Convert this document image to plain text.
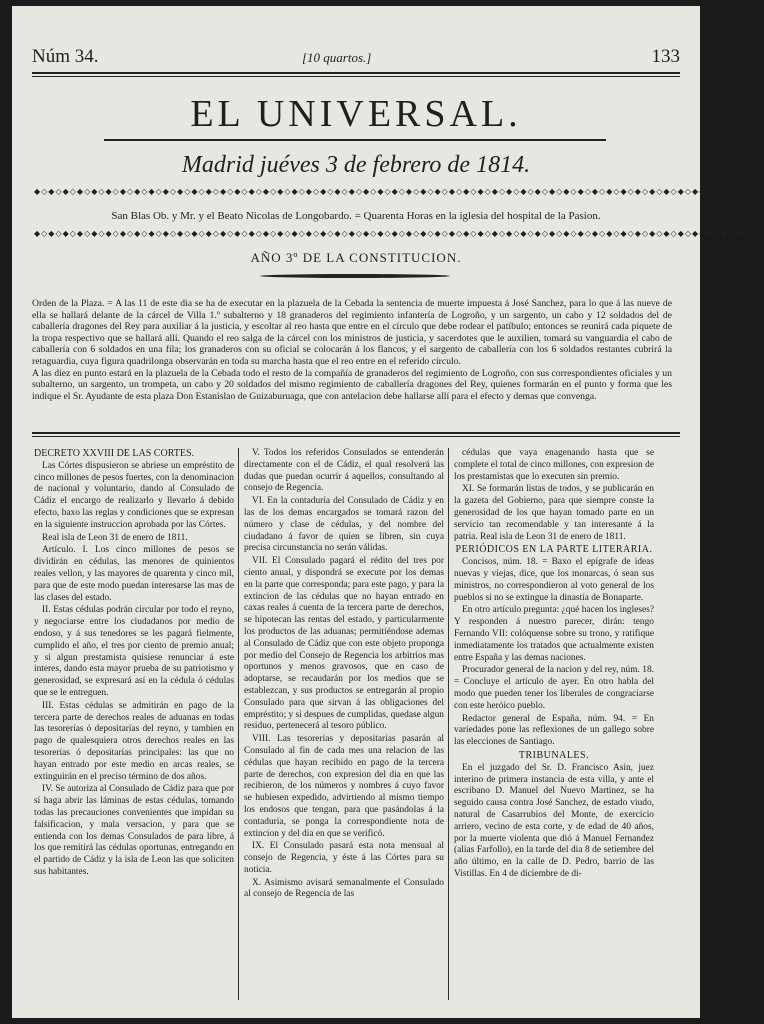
Núm 34.	[10 quartos.]	133
EL UNIVERSAL.
Madrid juéves 3 de febrero de 1814.
◆◇◆◇◆◇◆◇◆◇◆◇◆◇◆◇◆◇◆◇◆◇◆◇◆◇◆◇◆◇◆◇◆◇◆◇◆◇◆◇◆◇◆◇◆◇◆◇◆◇◆◇◆◇◆◇◆◇◆◇◆◇◆◇◆◇◆◇◆◇◆◇◆◇◆◇◆◇◆◇◆◇◆◇◆◇◆◇◆◇◆◇◆◇◆◇◆◇◆◇
San Blas Ob. y Mr. y el Beato Nicolas de Longobardo. = Quarenta Horas en la iglesia del hospital de la Pasion.
◆◇◆◇◆◇◆◇◆◇◆◇◆◇◆◇◆◇◆◇◆◇◆◇◆◇◆◇◆◇◆◇◆◇◆◇◆◇◆◇◆◇◆◇◆◇◆◇◆◇◆◇◆◇◆◇◆◇◆◇◆◇◆◇◆◇◆◇◆◇◆◇◆◇◆◇◆◇◆◇◆◇◆◇◆◇◆◇◆◇◆◇◆◇◆◇◆◇◆◇◆◇
AÑO 3º DE LA CONSTITUCION.

Orden de la Plaza. = A las 11 de este dia se ha de executar en la plazuela de la Cebada la sentencia de muerte impuesta á José Sanchez, para lo que á las nueve de ella se hallará delante de la cárcel de Villa 1.º subalterno y 18 granaderos del regimiento infantería de Logroño, y un sargento, un cabo y 12 soldados del de caballería dragones del Rey para auxiliar á la justicia, y escoltar al reo hasta que entre en el círculo que debe rodear el patíbulo; entonces se reunirá cada piquete de la tropa respectivo que se hallará allí. Quando el reo salga de la cárcel con los ministros de justicia, y sacerdotes que le auxilien, tomará su vanguardia el cabo de caballería con 6 soldados en una fila; los granaderos con su oficial se colocarán á los flancos, y el sargento de caballería con los 6 soldados restantes cubrirá la retaguardia, cuya figura quadrilonga observarán en toda su marcha hasta que el reo entre en el referido círculo.

A las diez en punto estará en la plazuela de la Cebada todo el resto de la compañía de granaderos del regimiento de Logroño, con sus correspondientes oficiales y un subalterno, un sargento, un trompeta, un cabo y 20 soldados del mismo regimiento de caballería dragones del Rey, quienes formarán en el punto y forma que les indique el Sr. Ayudante de esta plaza Don Estanislao de Guizaburuaga, que con antelacion debe hallarse allí para el efecto y demas que convenga.

DECRETO XXVIII DE LAS CORTES.

Las Córtes dispusieron se abriese un empréstito de cinco millones de pesos fuertes, con la denominacion de nacional y voluntario, dando al Consulado de Cádiz el encargo de realizarlo y llevarlo á debido efecto, baxo las reglas y condiciones que se expresan en la siguiente instruccion aprobada por las Córtes.

Real isla de Leon 31 de enero de 1811.

Artículo. I. Los cinco millones de pesos se dividirán en cédulas, las menores de quinientos reales vellon, y las mayores de quarenta y cinco mil, para que de este modo puedan interesarse las mas de las clases del estado.

II. Estas cédulas podrán circular por todo el reyno, y negociarse entre los ciudadanos por medio de endoso, y á sus tenedores se les pagará fielmente, cumplido el año, el tres por ciento de premio anual; y si algun prestamista quisiese renunciar á este interes, dando esta mayor prueba de su patriotismo y generosidad, se expresará así en la cédula ó cédulas que se le entreguen.

III. Estas cédulas se admitirán en pago de la tercera parte de derechos reales de aduanas en todas las tesorerías ó depositarías del reyno, y tambien en pago de qualesquiera otros derechos reales en las tesorerías ó depositarías principales: las que no hayan entrado por este medio en arcas reales, se extinguirán en el preciso término de dos años.

IV. Se autoriza al Consulado de Cádiz para que por sí haga abrir las láminas de estas cédulas, tomando todas las precauciones convenientes que impidan su falsificacion, y mala versacion, y para que se entienda con los demas Consulados de para libre, á los que remitirá las cédulas oportunas, entregando en el partido de Cádiz y la isla de Leon las que soliciten sus habitantes.

V. Todos los referidos Consulados se entenderán directamente con el de Cádiz, el qual resolverá las dudas que puedan ocurrir á aquellos, consultando al consejo de Regencia.

VI. En la contaduría del Consulado de Cádiz y en las de los demas encargados se tomará razon del número y clase de cédulas, y del nombre del ciudadano á favor de quien se libren, sin cuya precisa circunstancia no serán válidas.

VII. El Consulado pagará el rédito del tres por ciento anual, y dispondrá se execute por los demas en la parte que corresponda; para este pago, y para la extincion de las cédulas que no hayan entrado en caxas reales á cuenta de la tercera parte de derechos, se hipotecan las rentas del estado, y particularmente los productos de las aduanas; permitiéndose ademas al Consulado de Cádiz que con este objeto proponga por medio del Consejo de Regencia los arbitrios mas oportunos y menos gravosos, que en caso de adoptarse, se recaudarán por los medios que se establezcan, y sus productos se entregarán al propio Consulado para que sirvan á las obligaciones del empréstito; y si despues de cumplidas, quedase algun residuo, pertenecerá al tesoro público.

VIII. Las tesorerías y depositarías pasarán al Consulado al fin de cada mes una relacion de las cédulas que hayan recibido en pago de la tercera parte de derechos, con expresion del dia en que las recibieron, de los números y nombres á cuyo favor se hubiesen expedido, advirtiendo al mismo tiempo los endosos que tengan, para que pasándolas á la contaduría, se ponga la correspondiente nota de extincion y del dia en que se verificó.

IX. El Consulado pasará esta nota mensual al consejo de Regencia, y éste á las Córtes para su noticia.

X. Asimismo avisará semanalmente el Consulado al consejo de Regencia de las

cédulas que vaya enagenando hasta que se complete el total de cinco millones, con expresion de los prestamistas que lo executen sin premio.

XI. Se formarán listas de todos, y se publicarán en la gazeta del Gobierno, para que siempre conste la generosidad de los que hayan tomado parte en un servicio tan recomendable y tan interesante á la patria. Real isla de Leon 31 de enero de 1811.

PERIÓDICOS EN LA PARTE LITERARIA.

Concisos, núm. 18. = Baxo el epígrafe de ideas nuevas y viejas, dice, que los monarcas, ó sean sus ministros, no correspondieron al voto general de los pueblos si no se extingue la dinastía de Bonaparte.

En otro artículo pregunta: ¿qué hacen los ingleses? Y responden á nuestro parecer, dirán: tengo Fernando VII: colóquense sobre su trono, y ratifique inmediatamente los tratados que actualmente existen entre España y las demas naciones.

Procurador general de la nacion y del rey, núm. 18. = Concluye el artículo de ayer. En otro habla del modo que pueden tener los liberales de congraciarse con este heróico pueblo.

Redactor general de España, núm. 94. = En variedades pone las reflexiones de un gallego sobre las elecciones de Santiago.

TRIBUNALES.

En el juzgado del Sr. D. Francisco Asin, juez interino de primera instancia de esta villa, y ante el escribano D. Manuel del Nuevo Martinez, se ha seguido causa contra José Sanchez, de estado viudo, natural de Casarrubios del Monte, de exercicio arriero, vecino de esta corte, y de edad de 40 años, por la muerte violenta que dió á Manuel Fernandez (alias Farfollo), en la tarde del dia 8 de setiembre del año último, en la calle de D. Pedro, barrio de las Vistillas. En 4 de diciembre de di-
